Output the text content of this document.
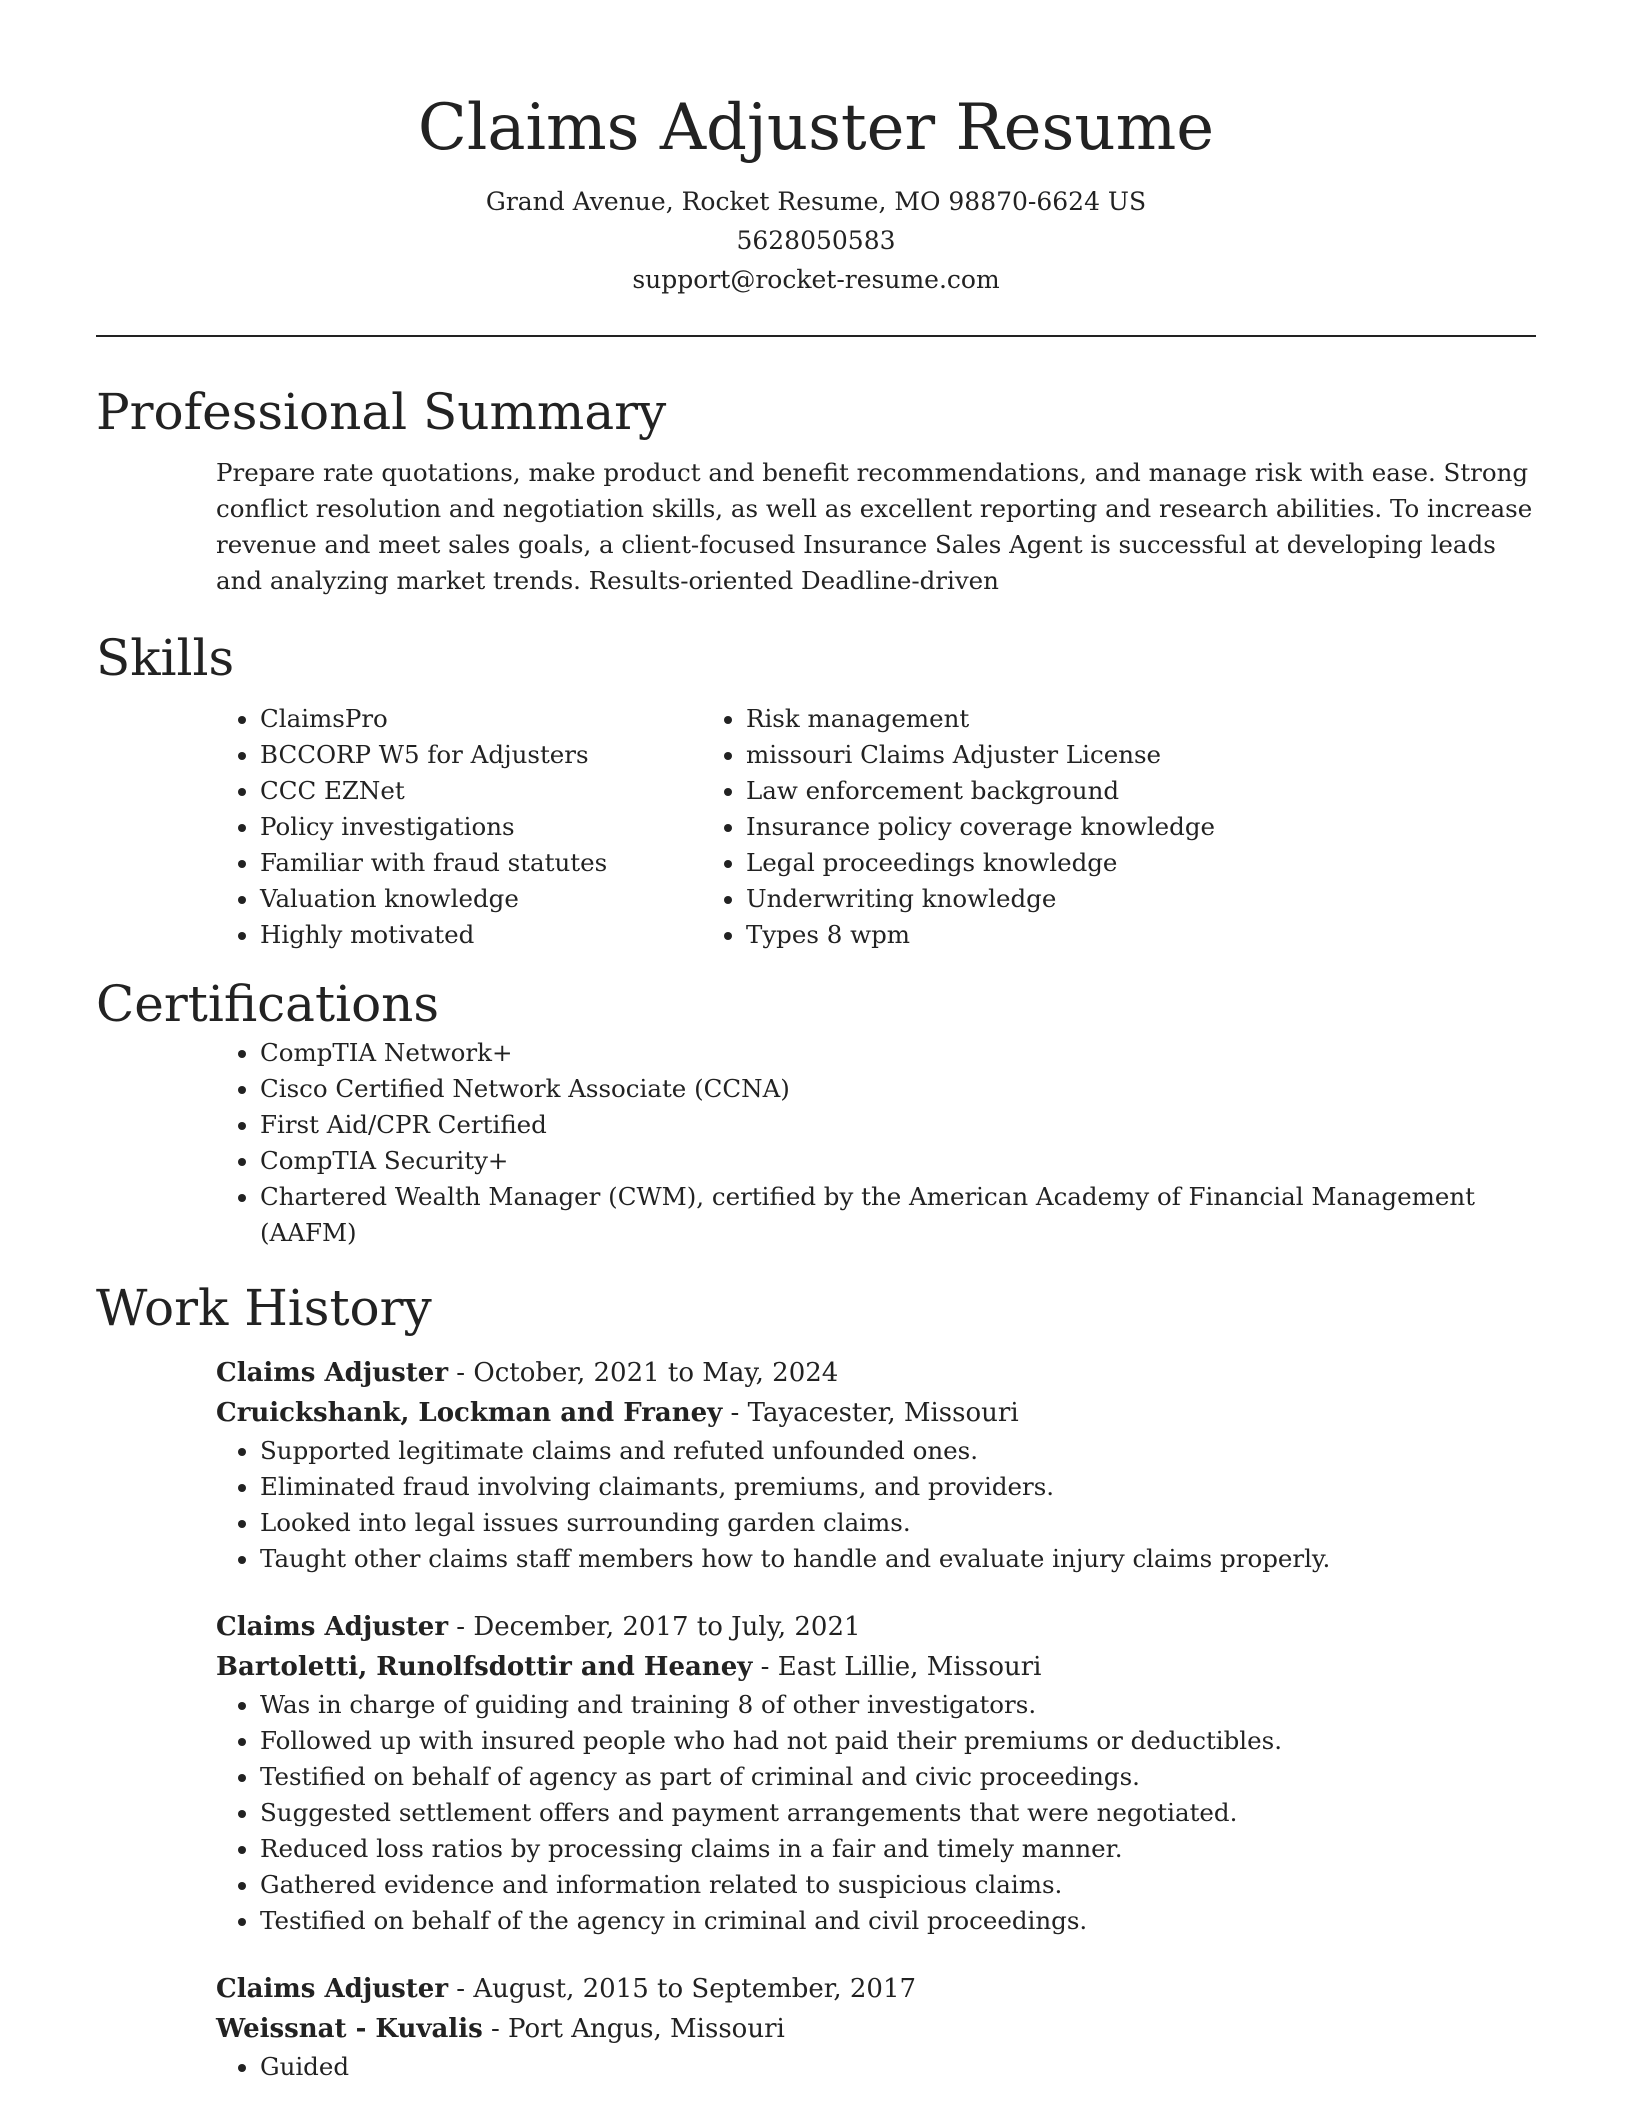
Claims Adjuster Resume

Grand Avenue, Rocket Resume, MO 98870-6624 US

5628050583

support@rocket-resume.com

Professional Summary

Prepare rate quotations, make product and benefit recommendations, and manage risk with ease. Strong conflict resolution and negotiation skills, as well as excellent reporting and research abilities. To increase revenue and meet sales goals, a client-focused Insurance Sales Agent is successful at developing leads and analyzing market trends. Results-oriented Deadline-driven

Skills
• ClaimsPro
• BCCORP W5 for Adjusters
• CCC EZNet
• Policy investigations
• Familiar with fraud statutes
• Valuation knowledge
• Highly motivated
• Risk management
• missouri Claims Adjuster License
• Law enforcement background
• Insurance policy coverage knowledge
• Legal proceedings knowledge
• Underwriting knowledge
• Types 8 wpm
Certifications
• CompTIA Network+
• Cisco Certified Network Associate (CCNA)
• First Aid/CPR Certified
• CompTIA Security+
• Chartered Wealth Manager (CWM), certified by the American Academy of Financial Management (AAFM)
Work History

Claims Adjuster - October, 2021 to May, 2024

Cruickshank, Lockman and Franey - Tayacester, Missouri

• Supported legitimate claims and refuted unfounded ones.
• Eliminated fraud involving claimants, premiums, and providers.
• Looked into legal issues surrounding garden claims.
• Taught other claims staff members how to handle and evaluate injury claims properly.

Claims Adjuster - December, 2017 to July, 2021

Bartoletti, Runolfsdottir and Heaney - East Lillie, Missouri

• Was in charge of guiding and training 8 of other investigators.
• Followed up with insured people who had not paid their premiums or deductibles.
• Testified on behalf of agency as part of criminal and civic proceedings.
• Suggested settlement offers and payment arrangements that were negotiated.
• Reduced loss ratios by processing claims in a fair and timely manner.
• Gathered evidence and information related to suspicious claims.
• Testified on behalf of the agency in criminal and civil proceedings.

Claims Adjuster - August, 2015 to September, 2017

Weissnat - Kuvalis - Port Angus, Missouri

• Guided
